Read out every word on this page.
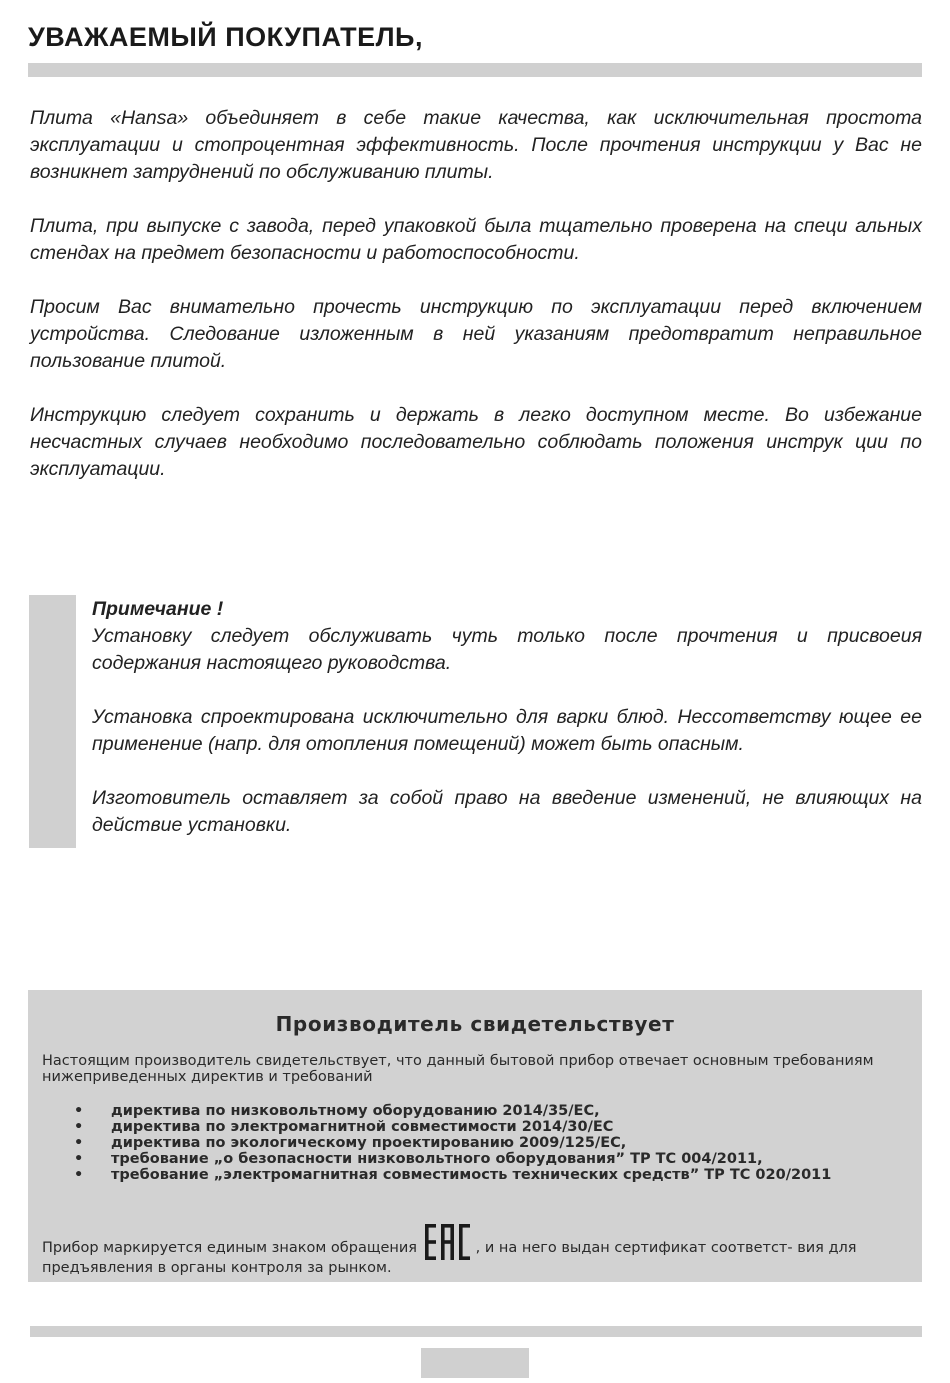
УВАЖАЕМЫЙ ПОКУПАТЕЛЬ,

Плита «Hansa» объединяет в себе такие качества, как исключительная простота эксплуатации и стопроцентная эффективность. После прочтения инструкции у Вас не возникнет затруднений по обслуживанию плиты.

Плита, при выпуске с завода, перед упаковкой была тщательно проверена на специ альных стендах на предмет безопасности и работоспособности.

Просим Вас внимательно прочесть инструкцию по эксплуатации перед включением устройства. Следование изложенным в ней указаниям предотвратит неправильное пользование плитой.

Инструкцию следует сохранить и держать в легко доступном месте. Во избежание несчастных случаев необходимо последовательно соблюдать положения инструк ции по эксплуатации.

Примечание !

Установку следует обслуживать чуть только после прочтения и присвоеия содержания настоящего руководства.

Установка спроектирована исключительно для варки блюд. Нессответству ющее ее применение (напр. для отопления помещений) может быть опасным.

Изготовитель оставляет за собой право на введение изменений, не влияющих на действие установки.

Производитель свидетельствует
Настоящим производитель свидетельствует, что данный бытовой прибор отвечает основным требованиям нижеприведенных директив и требований
• директива по низковольтному оборудованию 2014/35/ЕС,
• директива по электромагнитной совместимости 2014/30/ЕС
• директива по экологическому проектированию 2009/125/ЕС,
• требование „о безопасности низковольтного оборудования” ТР ТС 004/2011,
• требование „электромагнитная совместимость технических средств” ТР ТС 020/2011
Прибор маркируется единым знаком обращения	, и на него выдан сертификат соответст- вия для предъявления в органы контроля за рынком.
